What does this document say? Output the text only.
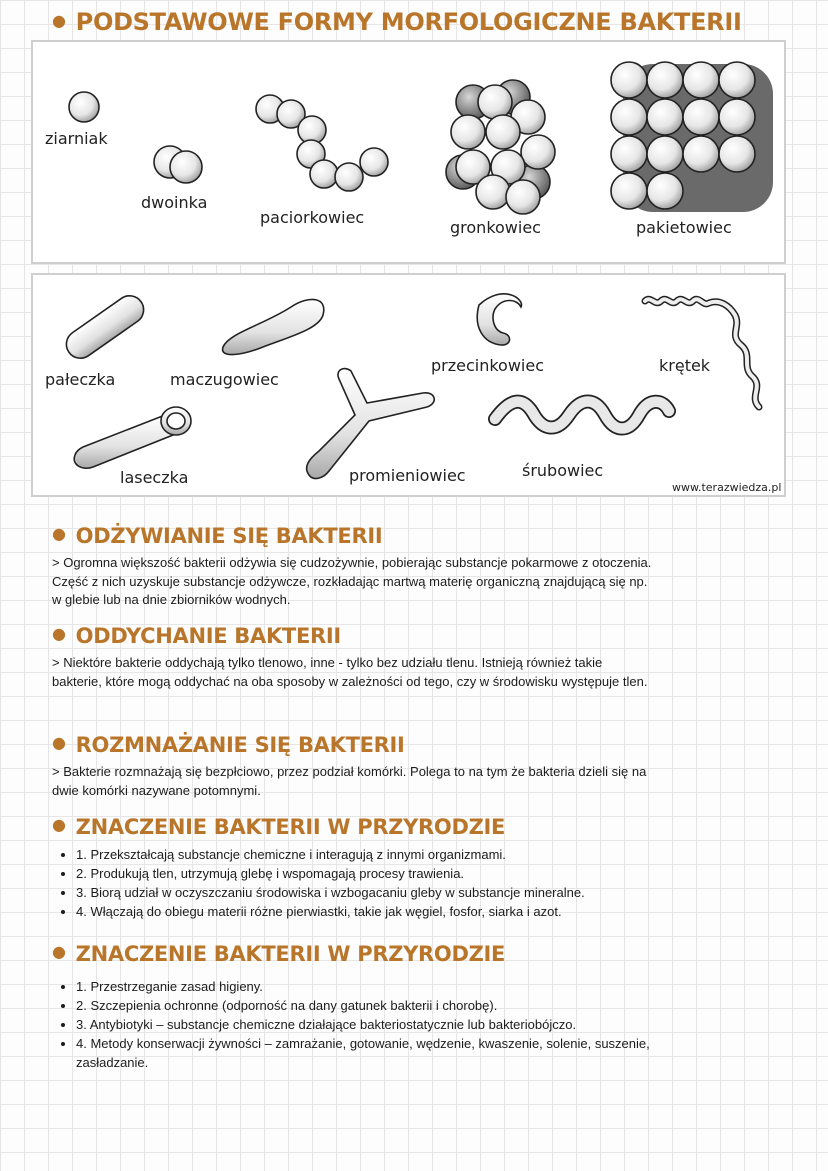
● PODSTAWOWE FORMY MORFOLOGICZNE BAKTERII
ziarniak
dwoinka
paciorkowiec
gronkowiec	pakietowiec
pałeczka	maczugowiec
przecinkowiec	krętek
laseczka	promieniowiec	śrubowiec
www.terazwiedza.pl
● ODŻYWIANIE SIĘ BAKTERII

> Ogromna większość bakterii odżywia się cudzożywnie, pobierając substancje pokarmowe z otoczenia. Część z nich uzyskuje substancje odżywcze, rozkładając martwą materię organiczną znajdującą się np. w glebie lub na dnie zbiorników wodnych.

● ODDYCHANIE BAKTERII

> Niektóre bakterie oddychają tylko tlenowo, inne - tylko bez udziału tlenu. Istnieją również takie bakterie, które mogą oddychać na oba sposoby w zależności od tego, czy w środowisku występuje tlen.

● ROZMNAŻANIE SIĘ BAKTERII

> Bakterie rozmnażają się bezpłciowo, przez podział komórki. Polega to na tym że bakteria dzieli się na dwie komórki nazywane potomnymi.

● ZNACZENIE BAKTERII W PRZYRODZIE
• 1. Przekształcają substancje chemiczne i interagują z innymi organizmami.
• 2. Produkują tlen, utrzymują glebę i wspomagają procesy trawienia.
• 3. Biorą udział w oczyszczaniu środowiska i wzbogacaniu gleby w substancje mineralne.
• 4. Włączają do obiegu materii różne pierwiastki, takie jak węgiel, fosfor, siarka i azot.
● ZNACZENIE BAKTERII W PRZYRODZIE
• 1. Przestrzeganie zasad higieny.
• 2. Szczepienia ochronne (odporność na dany gatunek bakterii i chorobę).
• 3. Antybiotyki – substancje chemiczne działające bakteriostatycznie lub bakteriobójczo.
• 4. Metody konserwacji żywności – zamrażanie, gotowanie, wędzenie, kwaszenie, solenie, suszenie, zasładzanie.
